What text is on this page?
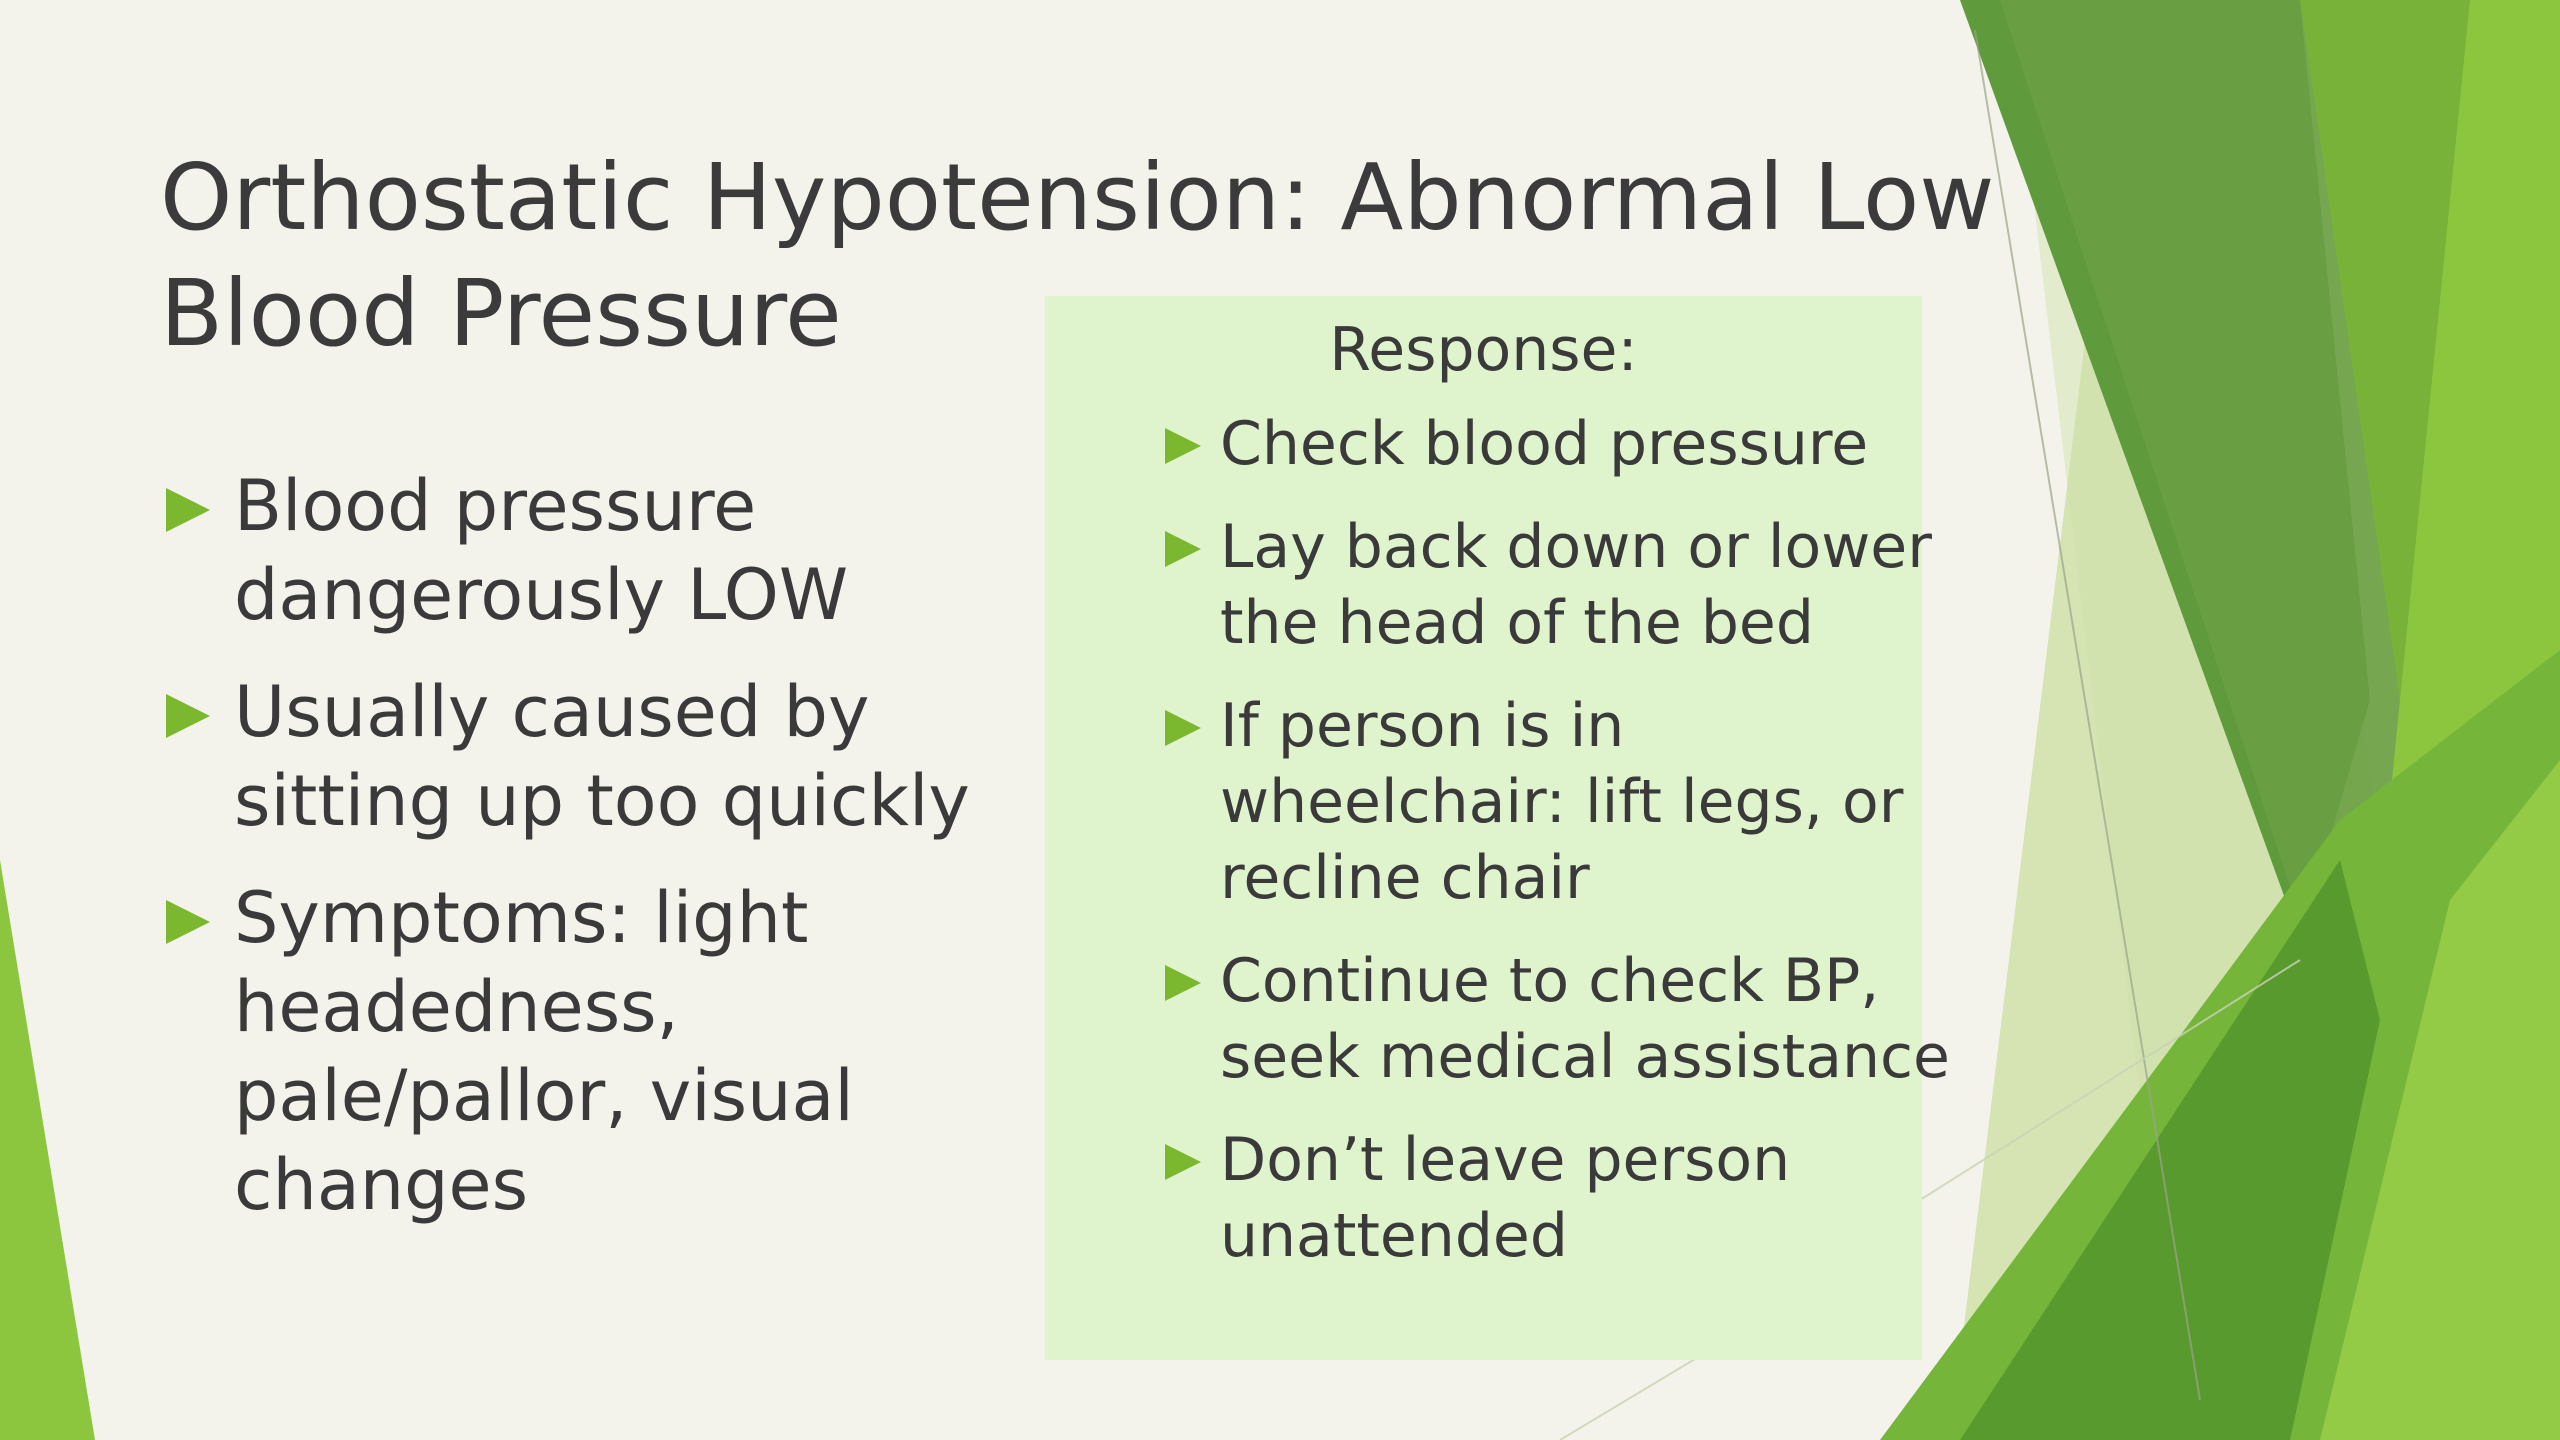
Orthostatic Hypotension: Abnormal Low
Blood Pressure
Blood pressure
dangerously LOW
Usually caused by
sitting up too quickly
Symptoms: light
headedness,
pale/pallor, visual
changes
Response:
Check blood pressure
Lay back down or lower
the head of the bed
If person is in
wheelchair: lift legs, or
recline chair
Continue to check BP,
seek medical assistance
Don’t leave person
unattended
